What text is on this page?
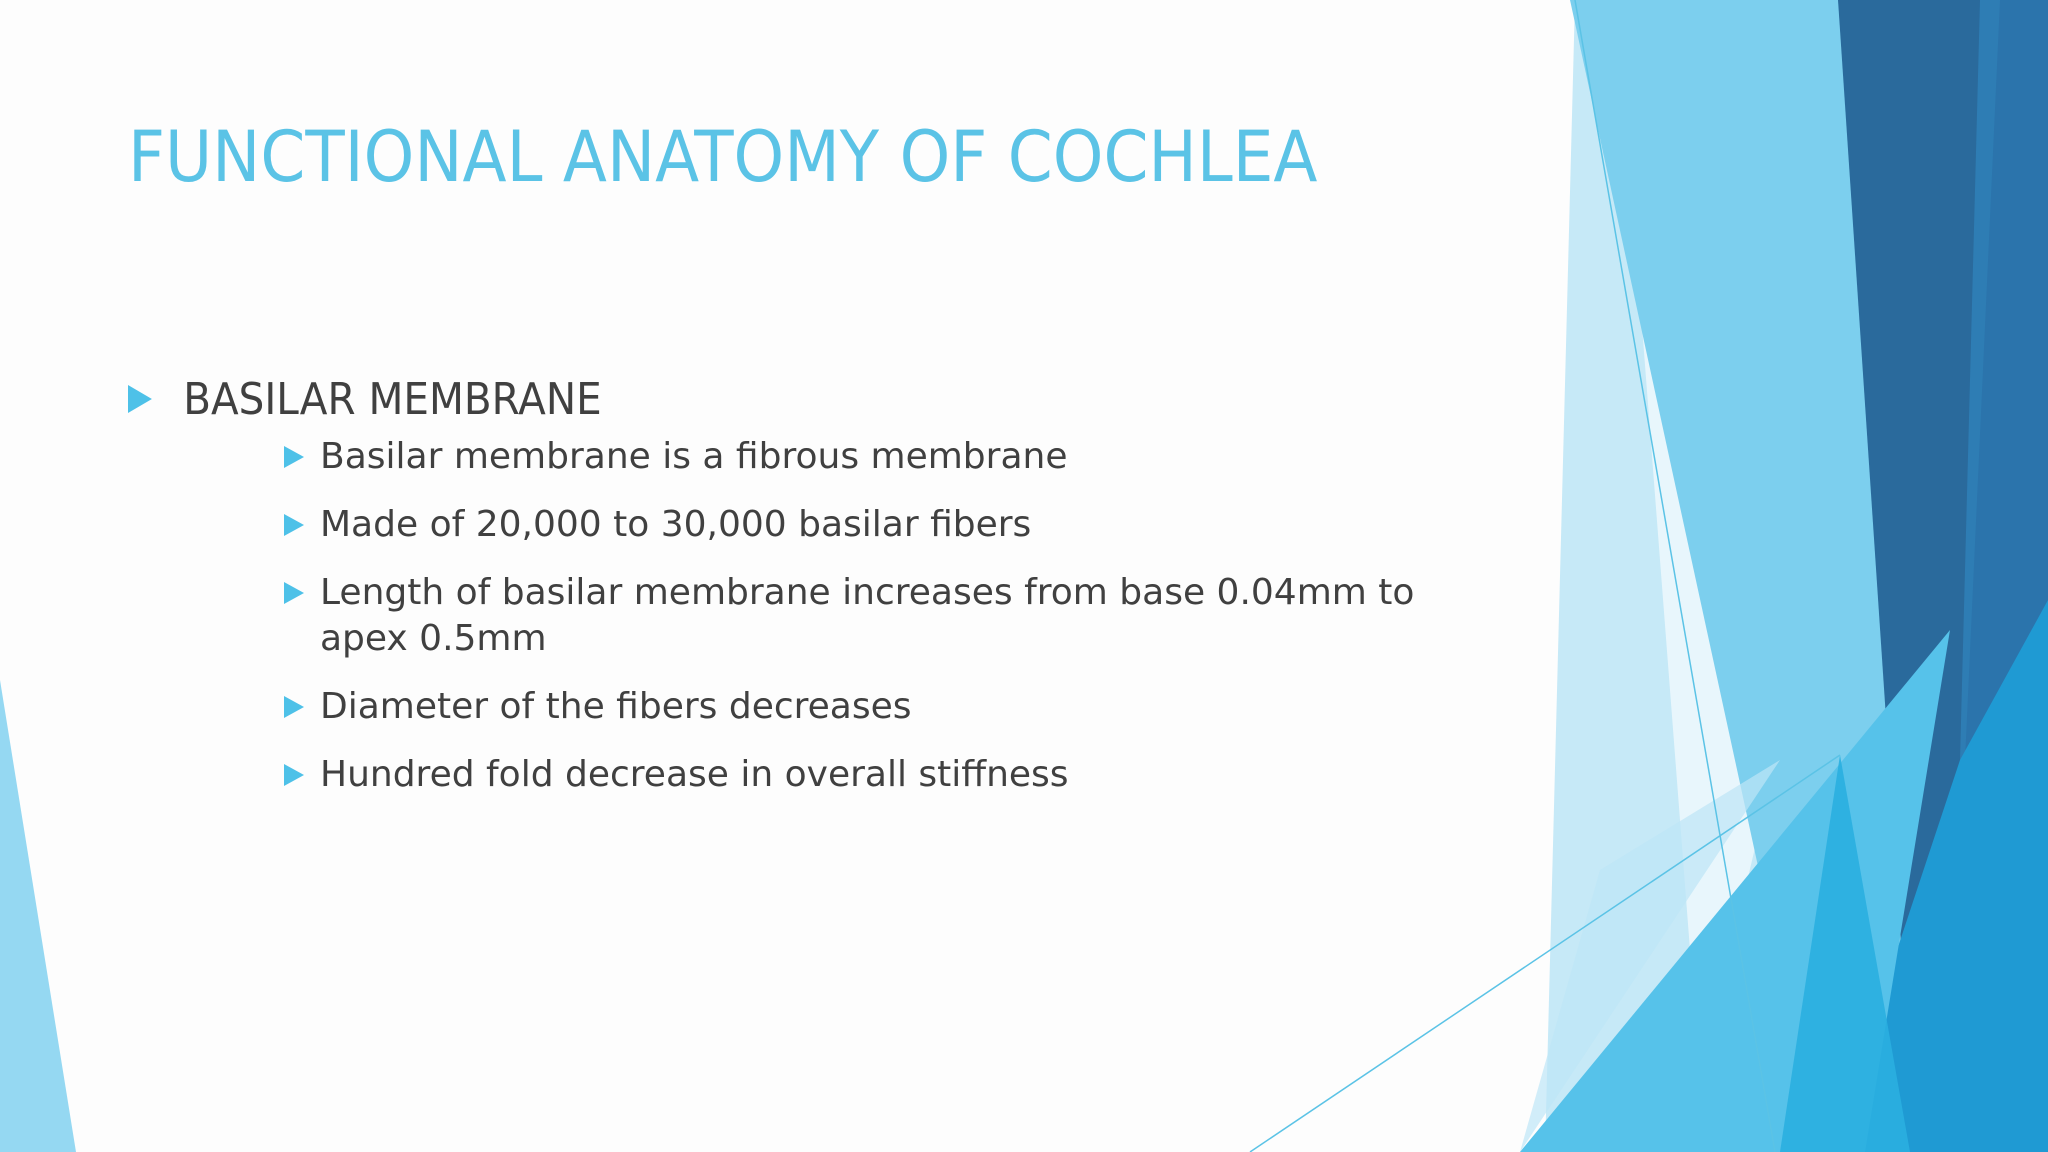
FUNCTIONAL ANATOMY OF COCHLEA
BASILAR MEMBRANE
Basilar membrane is a fibrous membrane
Made of 20,000 to 30,000 basilar fibers
Length of basilar membrane increases from base 0.04mm to apex 0.5mm
Diameter of the fibers decreases
Hundred fold decrease in overall stiffness
